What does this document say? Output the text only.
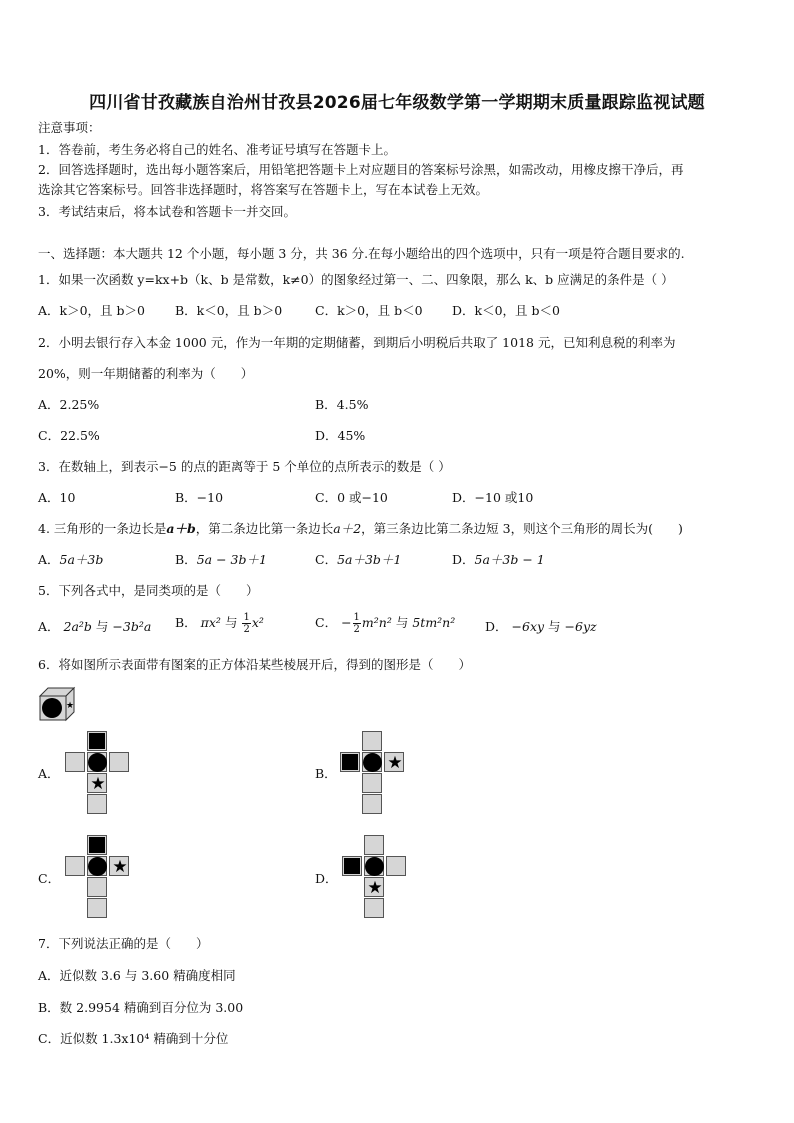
四川省甘孜藏族自治州甘孜县2026届七年级数学第一学期期末质量跟踪监视试题
注意事项：
1．答卷前，考生务必将自己的姓名、准考证号填写在答题卡上。
2．回答选择题时，选出每小题答案后，用铅笔把答题卡上对应题目的答案标号涂黑，如需改动，用橡皮擦干净后，再
选涂其它答案标号。回答非选择题时，将答案写在答题卡上，写在本试卷上无效。
3．考试结束后，将本试卷和答题卡一并交回。
一、选择题：本大题共 12 个小题，每小题 3 分，共 36 分.在每小题给出的四个选项中，只有一项是符合题目要求的.
1．如果一次函数 y=kx+b（k、b 是常数，k≠0）的图象经过第一、二、四象限，那么 k、b 应满足的条件是（ ）
A．k＞0，且 b＞0 B．k＜0，且 b＞0	C．k＞0，且 b＜0 D．k＜0，且 b＜0
2．小明去银行存入本金 1000 元，作为一年期的定期储蓄，到期后小明税后共取了 1018 元，已知利息税的利率为
20%，则一年期储蓄的利率为（　　）
A．2.25%	B．4.5%
C．22.5%	D．45%
3．在数轴上，到表示−5 的点的距离等于 5 个单位的点所表示的数是（ ）
A．10	B．−10	C．0 或−10	D．−10 或10
4. 三角形的一条边长是a＋b，第二条边比第一条边长a＋2，第三条边比第二条边短 3，则这个三角形的周长为(　　)
A．5a＋3b	B．5a − 3b＋1	C．5a＋3b＋1	D．5a＋3b − 1
5．下列各式中，是同类项的是（　　）
A． 2a²b 与 −3b²a B． πx² 与 $\frac{1}{2} x^2$	C． − $\frac{1}{2} m^2n^2$ 与 5tm²n² D． −6xy 与 −6yz
6．将如图所示表面带有图案的正方体沿某些棱展开后，得到的图形是（　　）
★
A．
★
B．
★
C．
★
D． ★
7．下列说法正确的是（　　）
A．近似数 3.6 与 3.60 精确度相同
B．数 2.9954 精确到百分位为 3.00
C．近似数 1.3x10⁴ 精确到十分位
